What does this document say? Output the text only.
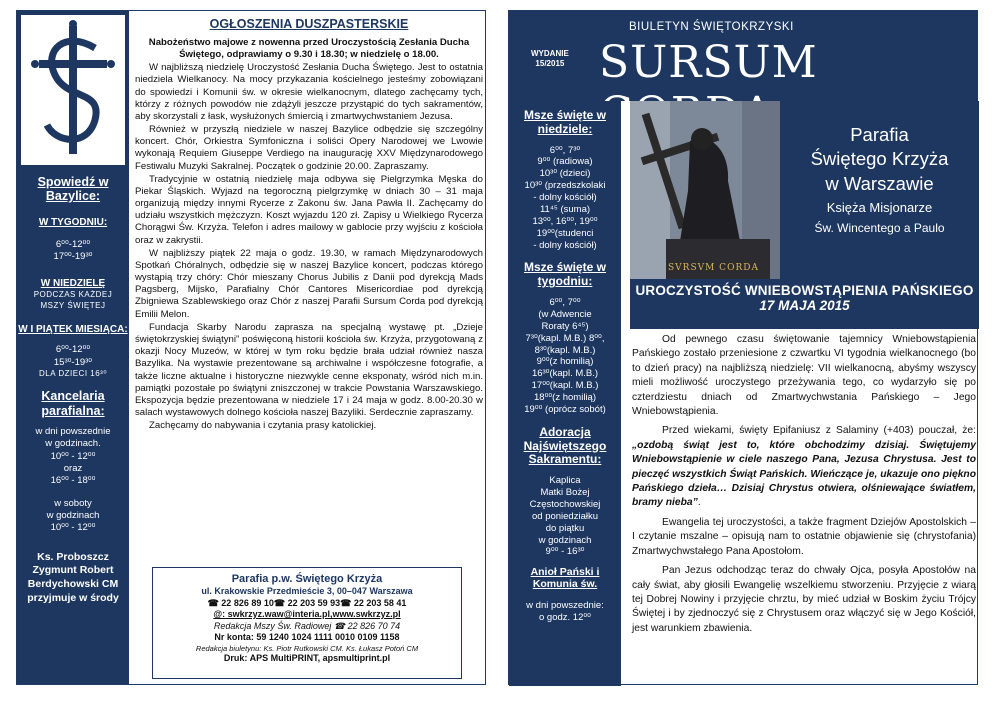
Spowiedź w Bazylice:
W TYGODNIU:
6⁰⁰-12⁰⁰
17⁰⁰-19³⁰
W NIEDZIELĘ
PODCZAS KAŻDEJ
MSZY ŚWIĘTEJ
W I PIĄTEK MIESIĄCA:
6⁰⁰-12⁰⁰
15³⁰-19³⁰
DLA DZIECI 16³⁰
Kancelaria parafialna:
w dni powszednie
w godzinach.
10⁰⁰ - 12⁰⁰
oraz
16⁰⁰ - 18⁰⁰
w soboty
w godzinach
10⁰⁰ - 12⁰⁰
Ks. Proboszcz
Zygmunt Robert
Berdychowski CM
przyjmuje w środy
OGŁOSZENIA DUSZPASTERSKIE

Nabożeństwo majowe z nowenna przed Uroczystością Zesłania Ducha Świętego, odprawiamy o 9.30 i 18.30; w niedzielę o 18.00.

W najbliższą niedzielę Uroczystość Zesłania Ducha Świętego. Jest to ostatnia niedziela Wielkanocy. Na mocy przykazania kościelnego jesteśmy zobowiązani do spowiedzi i Komunii św. w okresie wielkanocnym, dlatego zachęcamy tych, którzy z różnych powodów nie zdążyli jeszcze przystąpić do tych sakramentów, aby skorzystali z łask, wysłużonych śmiercią i zmartwychwstaniem Jezusa.

Również w przyszłą niedziele w naszej Bazylice odbędzie się szczególny koncert. Chór, Orkiestra Symfoniczna i soliści Opery Narodowej we Lwowie wykonają Requiem Giuseppe Verdiego na inaugurację XXV Międzynarodowego Festiwalu Muzyki Sakralnej. Początek o godzinie 20.00. Zapraszamy.

Tradycyjnie w ostatnią niedzielę maja odbywa się Pielgrzymka Męska do Piekar Śląskich. Wyjazd na tegoroczną pielgrzymkę w dniach 30 – 31 maja organizują między innymi Rycerze z Zakonu św. Jana Pawła II. Zachęcamy do udziału wszystkich mężczyzn. Koszt wyjazdu 120 zł. Zapisy u Wielkiego Rycerza Chorągwi Św. Krzyża. Telefon i adres mailowy w gablocie przy wyjściu z kościoła oraz w zakrystii.

W najbliższy piątek 22 maja o godz. 19.30, w ramach Międzynarodowych Spotkań Chóralnych, odbędzie się w naszej Bazylice koncert, podczas którego wystąpią trzy chóry: Chór mieszany Chorus Jubilis z Danii pod dyrekcją Mads Pagsberg, Mijsko, Parafialny Chór Cantores Misericordiae pod dyrekcją Zbigniewa Szablewskiego oraz Chór z naszej Parafii Sursum Corda pod dyrekcją Emilii Melon.

Fundacja Skarby Narodu zaprasza na specjalną wystawę pt. „Dzieje świętokrzyskiej świątyni” poświęconą historii kościoła św. Krzyża, przygotowaną z okazji Nocy Muzeów, w której w tym roku będzie brała udział również nasza Bazylika. Na wystawie prezentowane są archiwalne i współczesne fotografie, a także liczne aktualne i historyczne niezwykle cenne eksponaty, wśród nich m.in. pamiątki pozostałe po świątyni zniszczonej w trakcie Powstania Warszawskiego. Ekspozycja będzie prezentowana w niedziele 17 i 24 maja w godz. 8.00-20.30 w salach wystawowych dolnego kościoła naszej Bazyliki. Serdecznie zapraszamy.

Zachęcamy do nabywania i czytania prasy katolickiej.

Parafia p.w. Świętego Krzyża
ul. Krakowskie Przedmieście 3, 00–047 Warszawa
☎ 22 826 89 10☎ 22 203 59 93☎ 22 203 58 41
@: swkrzyz.waw@interia.pl,www.swkrzyz.pl
Redakcja Mszy Św. Radiowej ☎ 22 826 70 74
Nr konta: 59 1240 1024 1111 0010 0109 1158
Redakcja biuletynu: Ks. Piotr Rutkowski CM. Ks. Łukasz Potoń CM
Druk: APS MultiPRINT, apsmultiprint.pl
BIULETYN ŚWIĘTOKRZYSKI
WYDANIE
15/2015 SURSUM
Msze święte w niedziele:
6⁰⁰, 7³⁰
9⁰⁰ (radiowa)
10³⁰ (dzieci)
10³⁰ (przedszkolaki
- dolny kościół)
11⁴⁵ (suma)
13⁰⁰, 16⁰⁰, 19⁰⁰
19⁰⁰(studenci
- dolny kościół)
Msze święte w tygodniu:
6⁰⁰, 7⁰⁰
(w Adwencie
Roraty 6⁴⁵)
7³⁰(kapl. M.B.) 8⁰⁰,
8³⁰(kapl. M.B.)
9⁰⁰(z homilią)
16³⁰(kapl. M.B.)
17⁰⁰(kapl. M.B.)
18⁰⁰(z homilią)
19⁰⁰ (oprócz sobót)
Adoracja Najświętszego Sakramentu:
Kaplica
Matki Bożej
Częstochowskiej
od poniedziałku
do piątku
w godzinach
9⁰⁰ - 16³⁰
Anioł Pański i Komunia św.
w dni powszednie:
o godz. 12⁰⁰
SVRSVM CORDA
Parafia
Świętego Krzyża
w Warszawie
Księża Misjonarze
Św. Wincentego a Paulo
UROCZYSTOŚĆ WNIEBOWSTĄPIENIA PAŃSKIEGO
17 MAJA 2015

Od pewnego czasu świętowanie tajemnicy Wniebowstąpienia Pańskiego zostało przeniesione z czwartku VI tygodnia wielkanocnego (bo to dzień pracy) na najbliższą niedzielę: VII wielkanocną, abyśmy wszyscy mieli możliwość uroczystego przeżywania tego, co wydarzyło się po czterdziestu dniach od Zmartwychwstania Pańskiego – Jego Wniebowstąpienia.

Przed wiekami, święty Epifaniusz z Salaminy (+403) pouczał, że: „ozdobą świąt jest to, które obchodzimy dzisiaj. Świętujemy Wniebowstąpienie w ciele naszego Pana, Jezusa Chrystusa. Jest to pieczęć wszystkich Świąt Pańskich. Wieńczące je, ukazuje ono piękno Pańskiego dzieła… Dzisiaj Chrystus otwiera, olśniewające światłem, bramy nieba”.

Ewangelia tej uroczystości, a także fragment Dziejów Apostolskich – I czytanie mszalne – opisują nam to ostatnie objawienie się (chrystofania) Zmartwychwstałego Pana Apostołom.

Pan Jezus odchodząc teraz do chwały Ojca, posyła Apostołów na cały świat, aby głosili Ewangelię wszelkiemu stworzeniu. Przyjęcie z wiarą tej Dobrej Nowiny i przyjęcie chrztu, by mieć udział w Boskim życiu Trójcy Świętej i by zjednoczyć się z Chrystusem oraz włączyć się w Jego Kościół, jest warunkiem zbawienia.
